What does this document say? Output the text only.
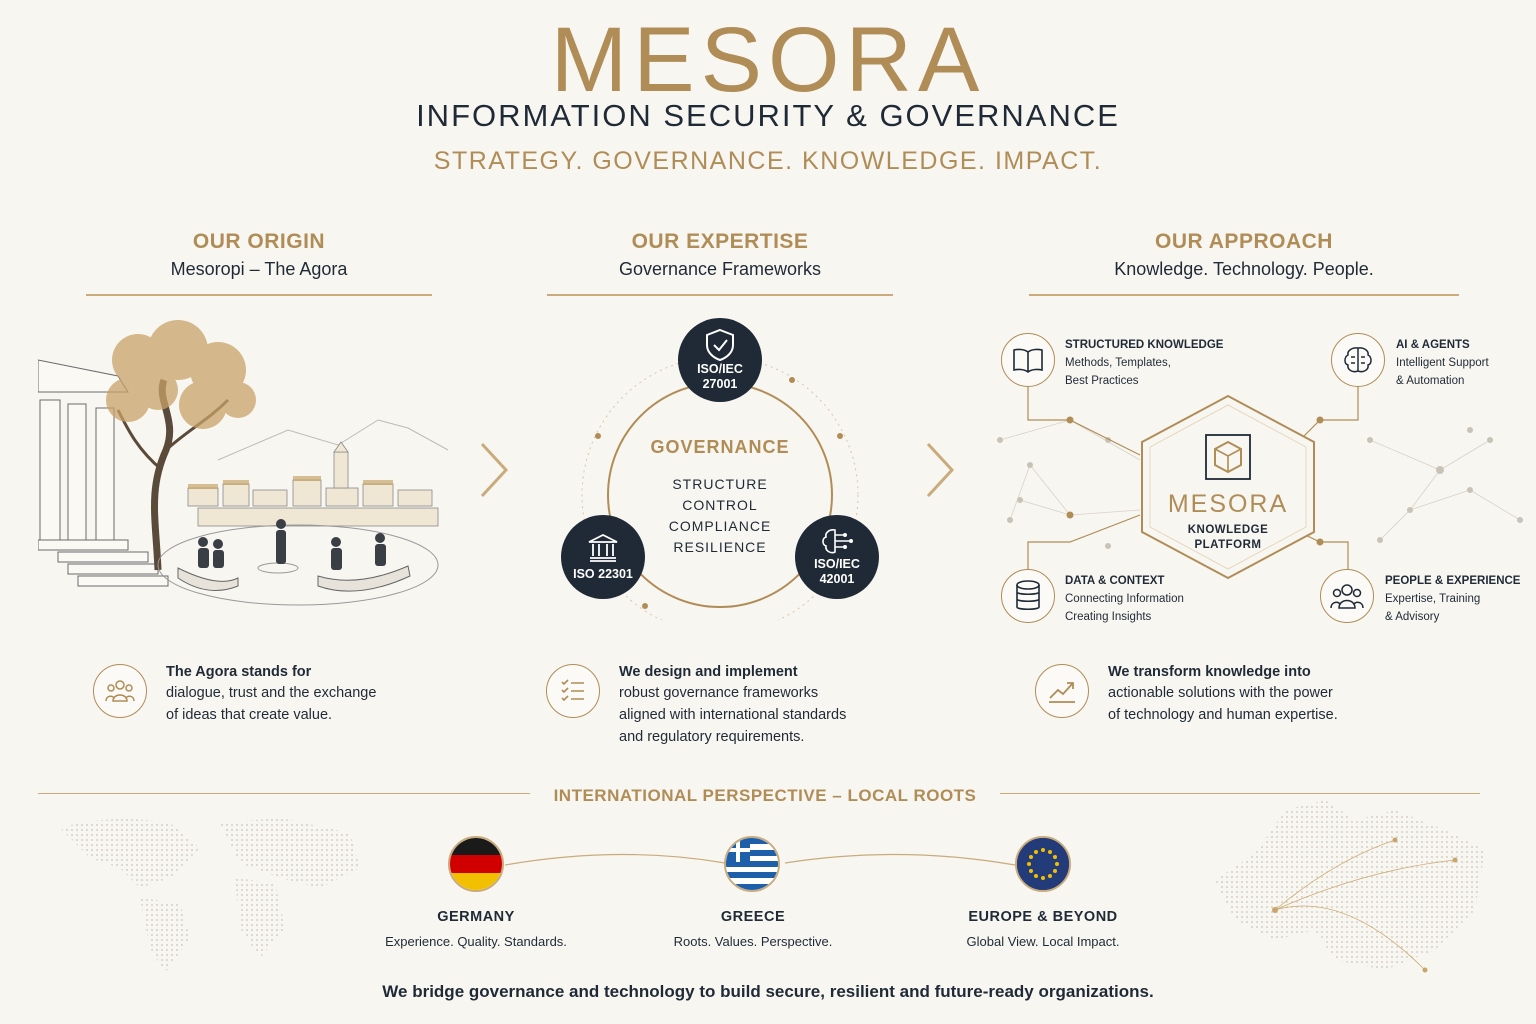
MESORA
INFORMATION SECURITY & GOVERNANCE
STRATEGY. GOVERNANCE. KNOWLEDGE. IMPACT.
OUR ORIGIN
Mesoropi – The Agora
The Agora stands for
dialogue, trust and the exchange
of ideas that create value.
OUR EXPERTISE
Governance Frameworks
GOVERNANCE
STRUCTURE
CONTROL
COMPLIANCE
RESILIENCE
ISO/IEC
27001
ISO 22301
ISO/IEC
42001
We design and implement
robust governance frameworks
aligned with international standards
and regulatory requirements.
OUR APPROACH
Knowledge. Technology. People.
MESORA
KNOWLEDGE
PLATFORM
STRUCTURED KNOWLEDGE
Methods, Templates,
Best Practices
AI & AGENTS
Intelligent Support
& Automation
DATA & CONTEXT
Connecting Information
Creating Insights
PEOPLE & EXPERIENCE
Expertise, Training
& Advisory
We transform knowledge into
actionable solutions with the power
of technology and human expertise.
INTERNATIONAL PERSPECTIVE – LOCAL ROOTS
GERMANY
Experience. Quality. Standards.
GREECE
Roots. Values. Perspective.
EUROPE & BEYOND
Global View. Local Impact.
We bridge governance and technology to build secure, resilient and future-ready organizations.
